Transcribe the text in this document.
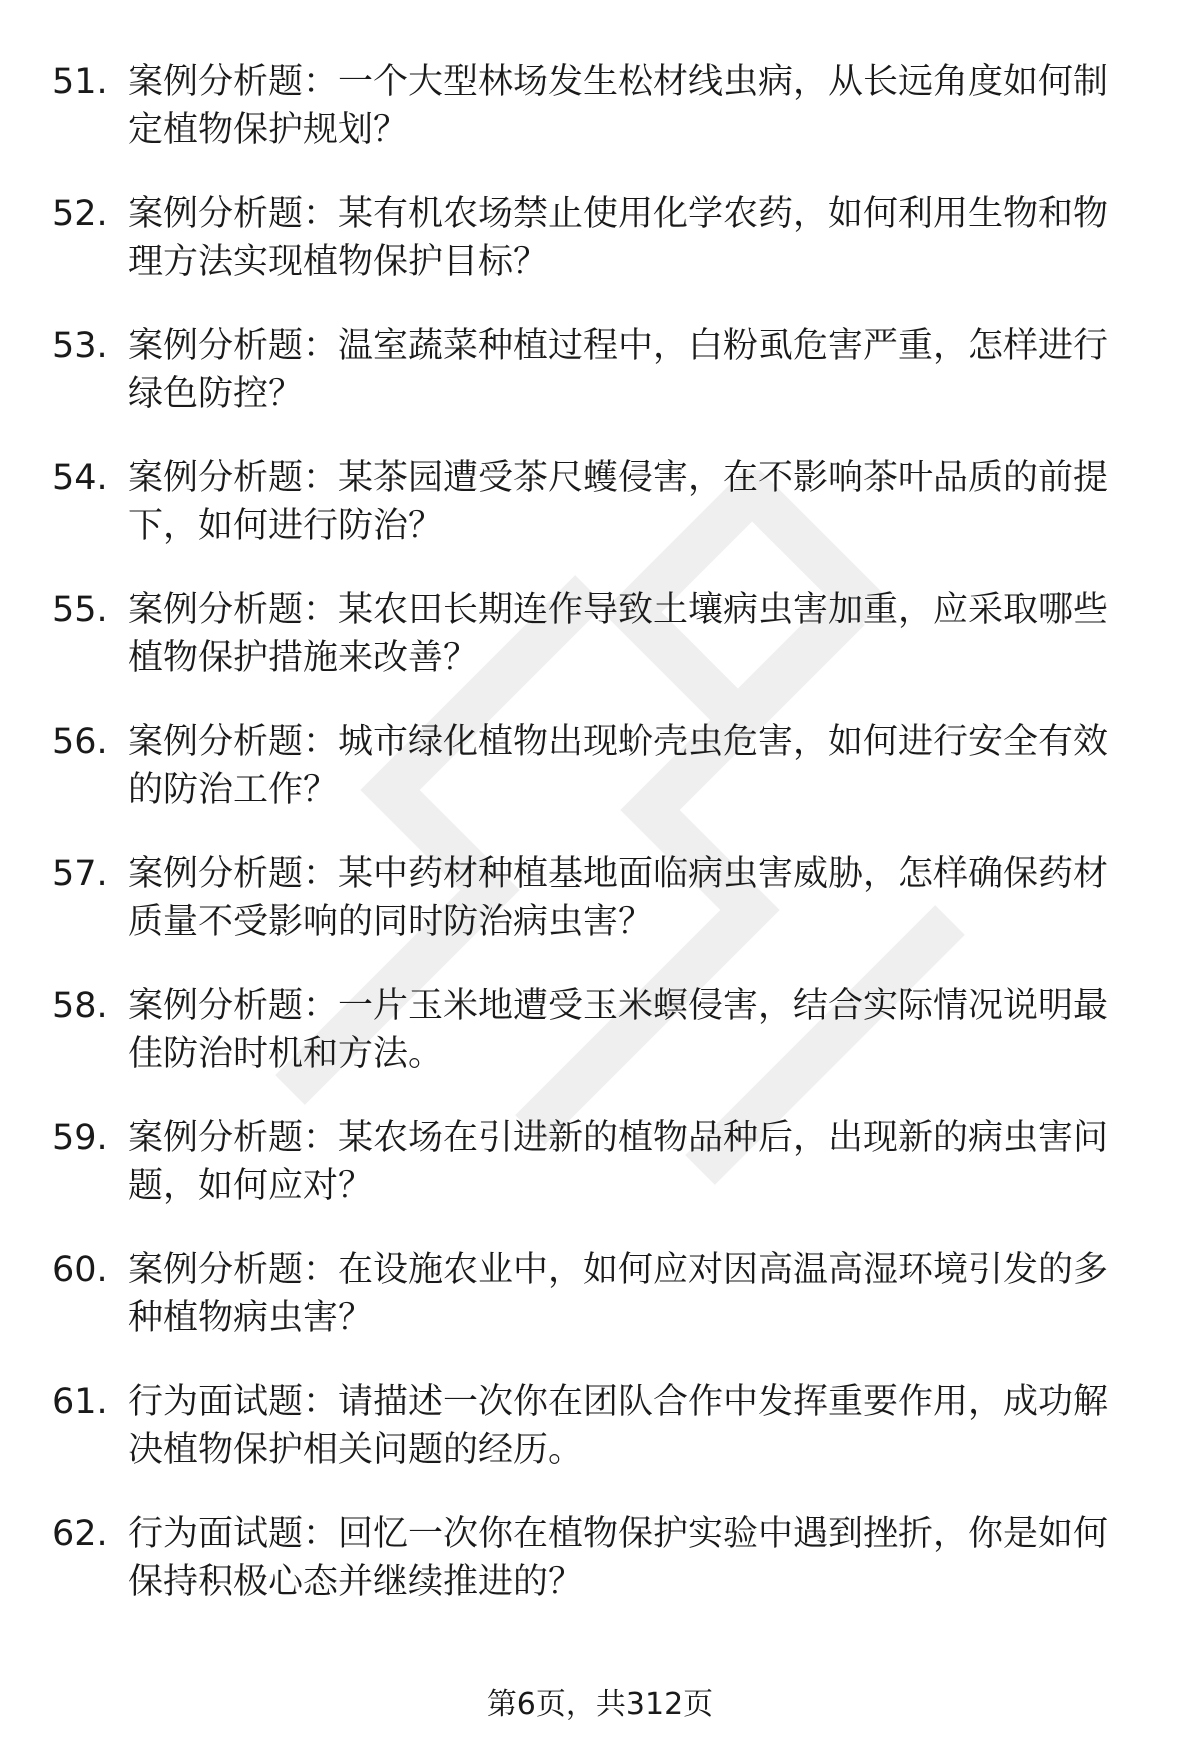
51. 案例分析题：一个大型林场发生松材线虫病，从长远角度如何制
定植物保护规划？
52. 案例分析题：某有机农场禁止使用化学农药，如何利用生物和物
理方法实现植物保护目标？
53. 案例分析题：温室蔬菜种植过程中，白粉虱危害严重，怎样进行
绿色防控？
54. 案例分析题：某茶园遭受茶尺蠖侵害，在不影响茶叶品质的前提
下，如何进行防治？
55. 案例分析题：某农田长期连作导致土壤病虫害加重，应采取哪些
植物保护措施来改善？
56. 案例分析题：城市绿化植物出现蚧壳虫危害，如何进行安全有效
的防治工作？
57. 案例分析题：某中药材种植基地面临病虫害威胁，怎样确保药材
质量不受影响的同时防治病虫害？
58. 案例分析题：一片玉米地遭受玉米螟侵害，结合实际情况说明最
佳防治时机和方法。
59. 案例分析题：某农场在引进新的植物品种后，出现新的病虫害问
题，如何应对？
60. 案例分析题：在设施农业中，如何应对因高温高湿环境引发的多
种植物病虫害？
61. 行为面试题：请描述一次你在团队合作中发挥重要作用，成功解
决植物保护相关问题的经历。
62. 行为面试题：回忆一次你在植物保护实验中遇到挫折，你是如何
保持积极心态并继续推进的？
第6页，共312页
